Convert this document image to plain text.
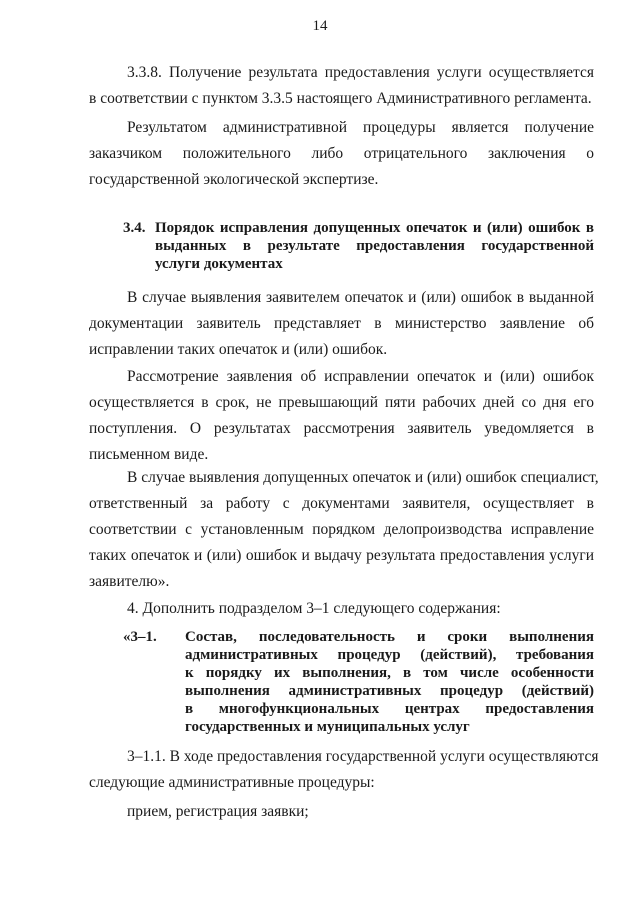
14
3.3.8. Получение результата предоставления услуги осуществляется
в соответствии с пунктом 3.3.5 настоящего Административного регламента.
Результатом административной процедуры является получение
заказчиком положительного либо отрицательного заключения о
государственной экологической экспертизе.
3.4. Порядок исправления допущенных опечаток и (или) ошибок в
выданных в результате предоставления государственной
услуги документах
В случае выявления заявителем опечаток и (или) ошибок в выданной
документации заявитель представляет в министерство заявление об
исправлении таких опечаток и (или) ошибок.
Рассмотрение заявления об исправлении опечаток и (или) ошибок
осуществляется в срок, не превышающий пяти рабочих дней со дня его
поступления. О результатах рассмотрения заявитель уведомляется в
письменном виде.
В случае выявления допущенных опечаток и (или) ошибок специалист,
ответственный за работу с документами заявителя, осуществляет в
соответствии с установленным порядком делопроизводства исправление
таких опечаток и (или) ошибок и выдачу результата предоставления услуги
заявителю».
4. Дополнить подразделом 3–1 следующего содержания:
«3–1.	Состав, последовательность и сроки выполнения
административных процедур (действий), требования
к порядку их выполнения, в том числе особенности
выполнения административных процедур (действий)
в многофункциональных центрах предоставления
государственных и муниципальных услуг
3–1.1. В ходе предоставления государственной услуги осуществляются
следующие административные процедуры:
прием, регистрация заявки;
